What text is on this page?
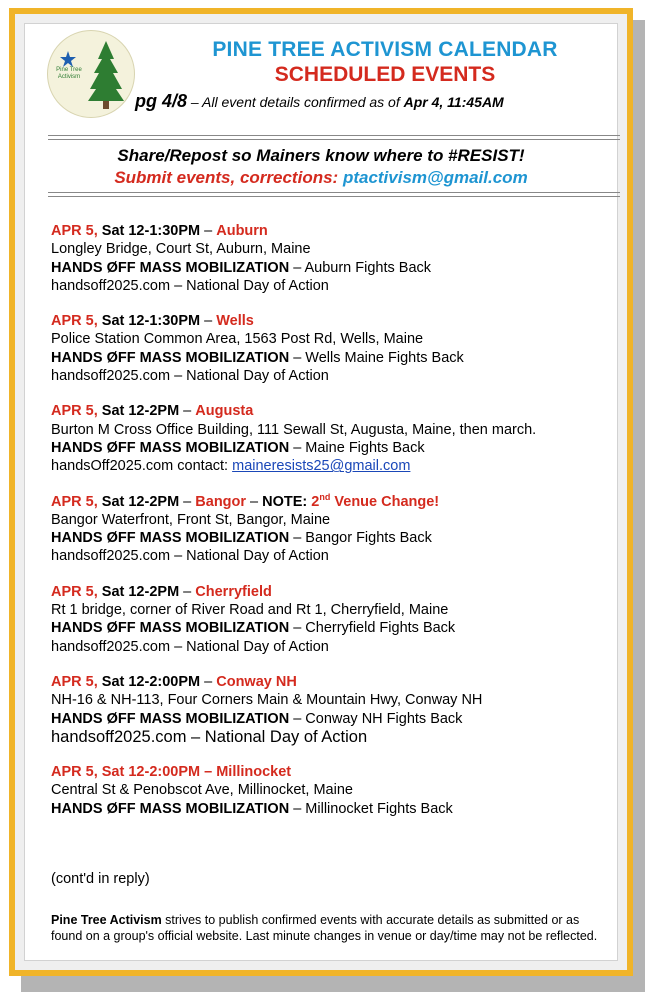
Pine Tree Activism
PINE TREE ACTIVISM CALENDAR
SCHEDULED EVENTS
pg 4/8 – All event details confirmed as of Apr 4, 11:45AM
Share/Repost so Mainers know where to #RESIST!
Submit events, corrections: ptactivism@gmail.com
APR 5, Sat 12-1:30PM – Auburn
Longley Bridge, Court St, Auburn, Maine
HANDS ØFF MASS MOBILIZATION – Auburn Fights Back
handsoff2025.com – National Day of Action
APR 5, Sat 12-1:30PM – Wells
Police Station Common Area, 1563 Post Rd, Wells, Maine
HANDS ØFF MASS MOBILIZATION – Wells Maine Fights Back
handsoff2025.com – National Day of Action
APR 5, Sat 12-2PM – Augusta
Burton M Cross Office Building, 111 Sewall St, Augusta, Maine, then march.
HANDS ØFF MASS MOBILIZATION – Maine Fights Back
handsOff2025.com contact: maineresists25@gmail.com
APR 5, Sat 12-2PM – Bangor – NOTE: 2nd Venue Change!
Bangor Waterfront, Front St, Bangor, Maine
HANDS ØFF MASS MOBILIZATION – Bangor Fights Back
handsoff2025.com – National Day of Action
APR 5, Sat 12-2PM – Cherryfield
Rt 1 bridge, corner of River Road and Rt 1, Cherryfield, Maine
HANDS ØFF MASS MOBILIZATION – Cherryfield Fights Back
handsoff2025.com – National Day of Action
APR 5, Sat 12-2:00PM – Conway NH
NH-16 & NH-113, Four Corners Main & Mountain Hwy, Conway NH
HANDS ØFF MASS MOBILIZATION – Conway NH Fights Back
handsoff2025.com – National Day of Action
APR 5, Sat 12-2:00PM – Millinocket
Central St & Penobscot Ave, Millinocket, Maine
HANDS ØFF MASS MOBILIZATION – Millinocket Fights Back
(cont'd in reply)
Pine Tree Activism strives to publish confirmed events with accurate details as submitted or as found on a group's official website. Last minute changes in venue or day/time may not be reflected.
